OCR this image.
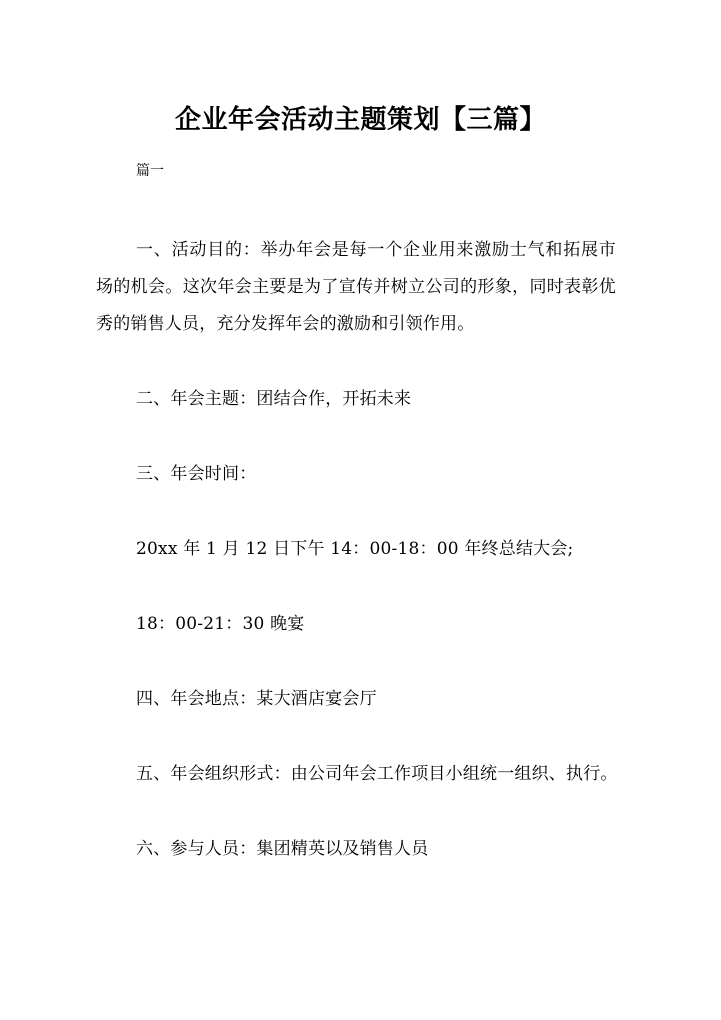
企业年会活动主题策划【三篇】

篇一

一、活动目的：举办年会是每一个企业用来激励士气和拓展市场的机会。这次年会主要是为了宣传并树立公司的形象，同时表彰优秀的销售人员，充分发挥年会的激励和引领作用。

二、年会主题：团结合作，开拓未来

三、年会时间：

20xx 年 1 月 12 日下午 14：00-18：00 年终总结大会;

18：00-21：30 晚宴

四、年会地点：某大酒店宴会厅

五、年会组织形式：由公司年会工作项目小组统一组织、执行。

六、参与人员：集团精英以及销售人员
